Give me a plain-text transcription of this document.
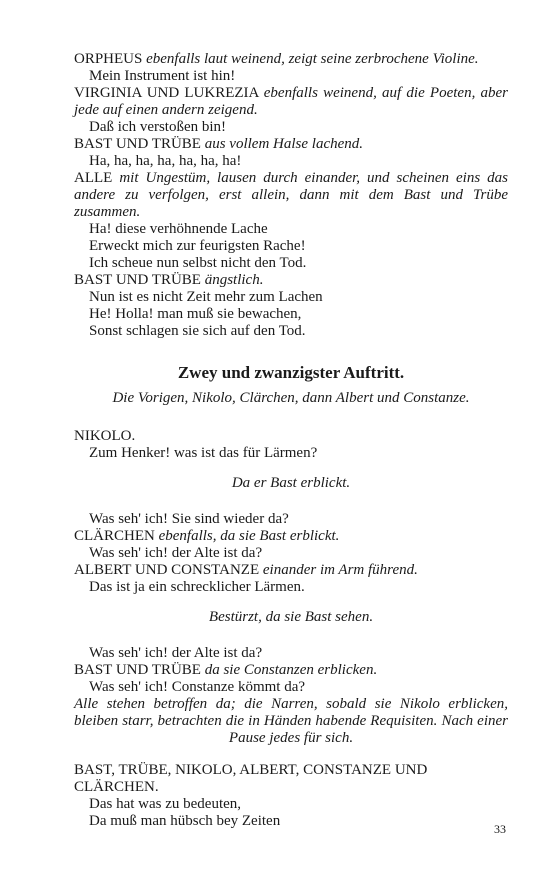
ORPHEUS ebenfalls laut weinend, zeigt seine zerbrochene Violine.

Mein Instrument ist hin!

VIRGINIA UND LUKREZIA ebenfalls weinend, auf die Poeten, aber jede auf einen andern zeigend.

Daß ich verstoßen bin!

BAST UND TRÜBE aus vollem Halse lachend.

Ha, ha, ha, ha, ha, ha, ha!

ALLE mit Ungestüm, lausen durch einander, und scheinen eins das andere zu verfolgen, erst allein, dann mit dem Bast und Trübe zusammen.

Ha! diese verhöhnende Lache

Erweckt mich zur feurigsten Rache!

Ich scheue nun selbst nicht den Tod.

BAST UND TRÜBE ängstlich.

Nun ist es nicht Zeit mehr zum Lachen

He! Holla! man muß sie bewachen,

Sonst schlagen sie sich auf den Tod.

Zwey und zwanzigster Auftritt.

Die Vorigen, Nikolo, Clärchen, dann Albert und Constanze.

NIKOLO.

Zum Henker! was ist das für Lärmen?

Da er Bast erblickt.

Was seh' ich! Sie sind wieder da?

CLÄRCHEN ebenfalls, da sie Bast erblickt.

Was seh' ich! der Alte ist da?

ALBERT UND CONSTANZE einander im Arm führend.

Das ist ja ein schrecklicher Lärmen.

Bestürzt, da sie Bast sehen.

Was seh' ich! der Alte ist da?

BAST UND TRÜBE da sie Constanzen erblicken.

Was seh' ich! Constanze kömmt da?

Alle stehen betroffen da; die Narren, sobald sie Nikolo erblicken, bleiben starr, betrachten die in Händen habende Requisiten. Nach einer Pause jedes für sich.

BAST, TRÜBE, NIKOLO, ALBERT, CONSTANZE UND CLÄRCHEN.

Das hat was zu bedeuten,

Da muß man hübsch bey Zeiten	33
